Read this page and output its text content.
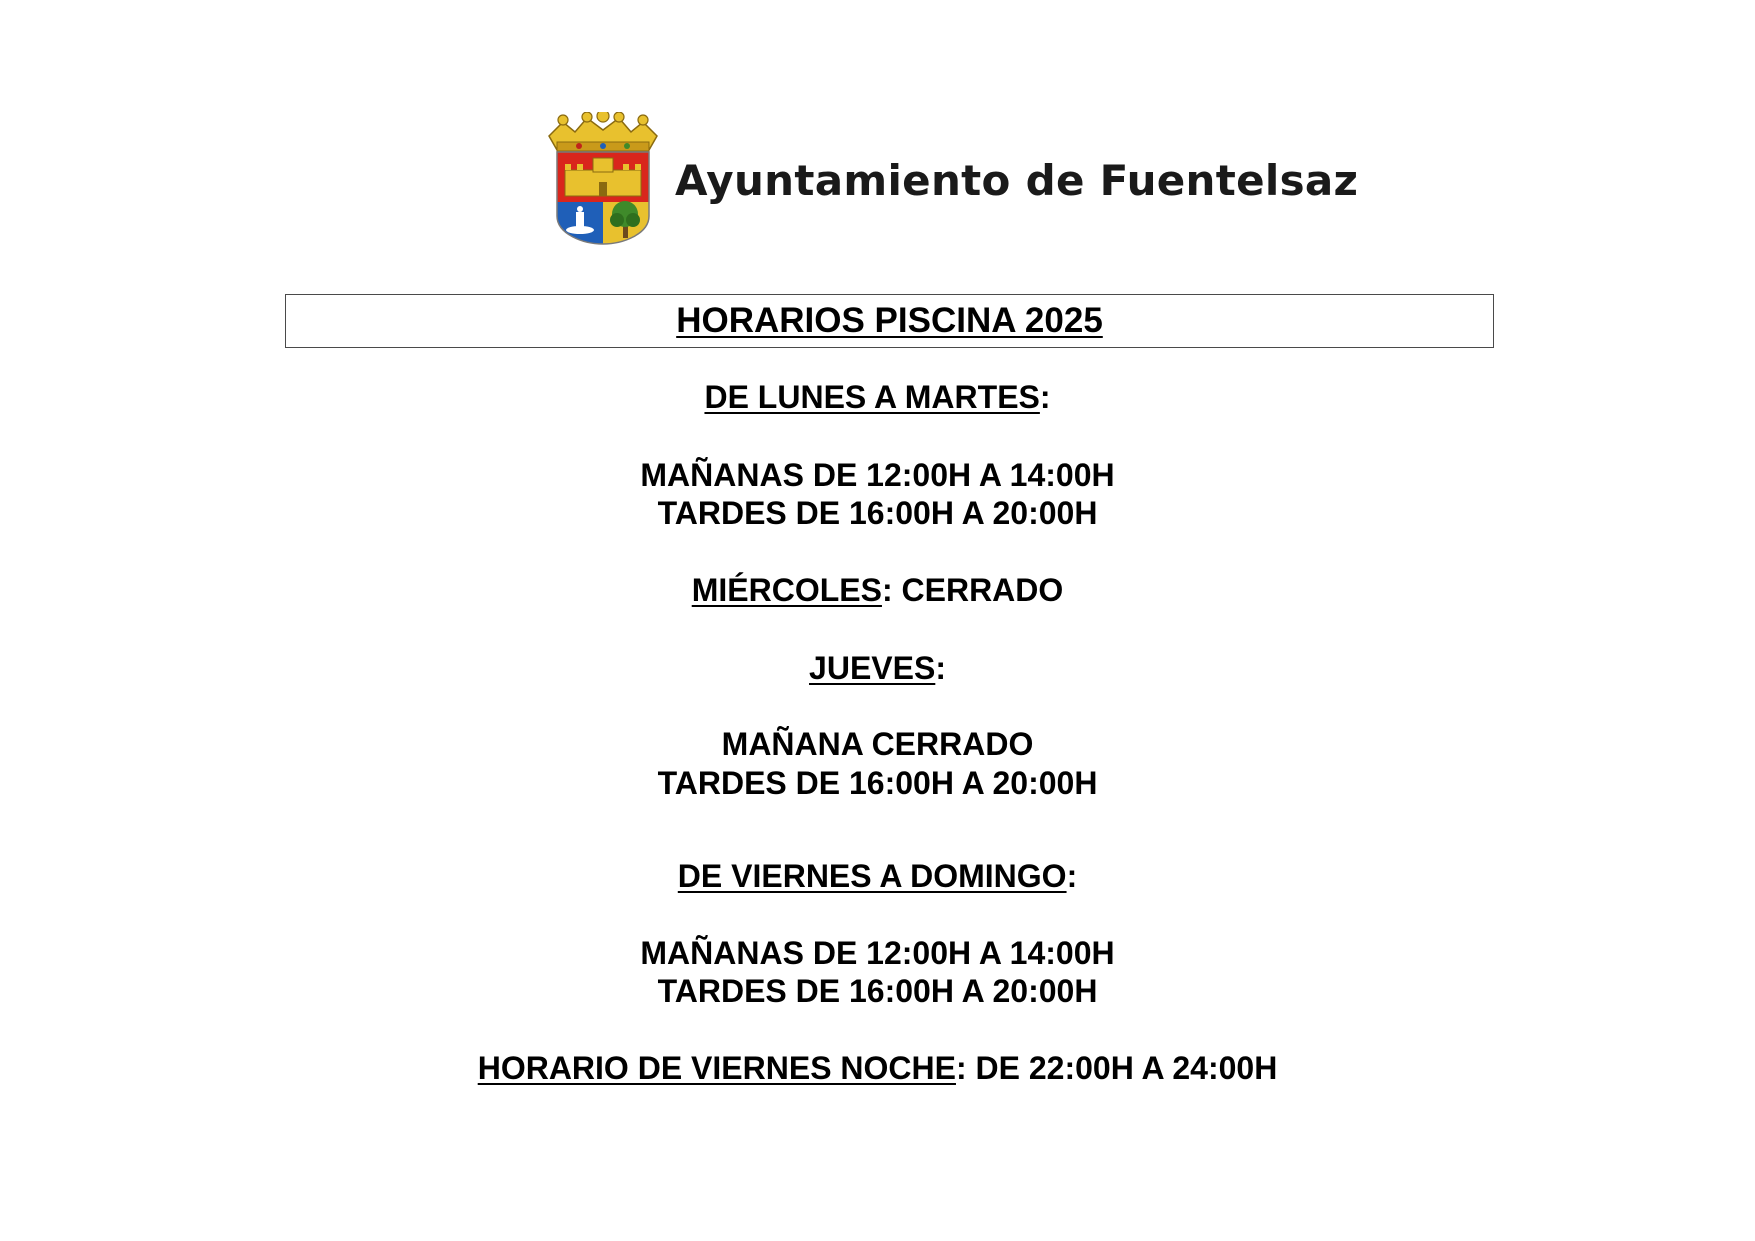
Ayuntamiento de Fuentelsaz
HORARIOS PISCINA 2025
DE LUNES A MARTES:
MAÑANAS DE 12:00H A 14:00H
TARDES DE 16:00H A 20:00H
MIÉRCOLES: CERRADO
JUEVES:
MAÑANA CERRADO
TARDES DE 16:00H A 20:00H
DE VIERNES A DOMINGO:
MAÑANAS DE 12:00H A 14:00H
TARDES DE 16:00H A 20:00H
HORARIO DE VIERNES NOCHE: DE 22:00H A 24:00H
